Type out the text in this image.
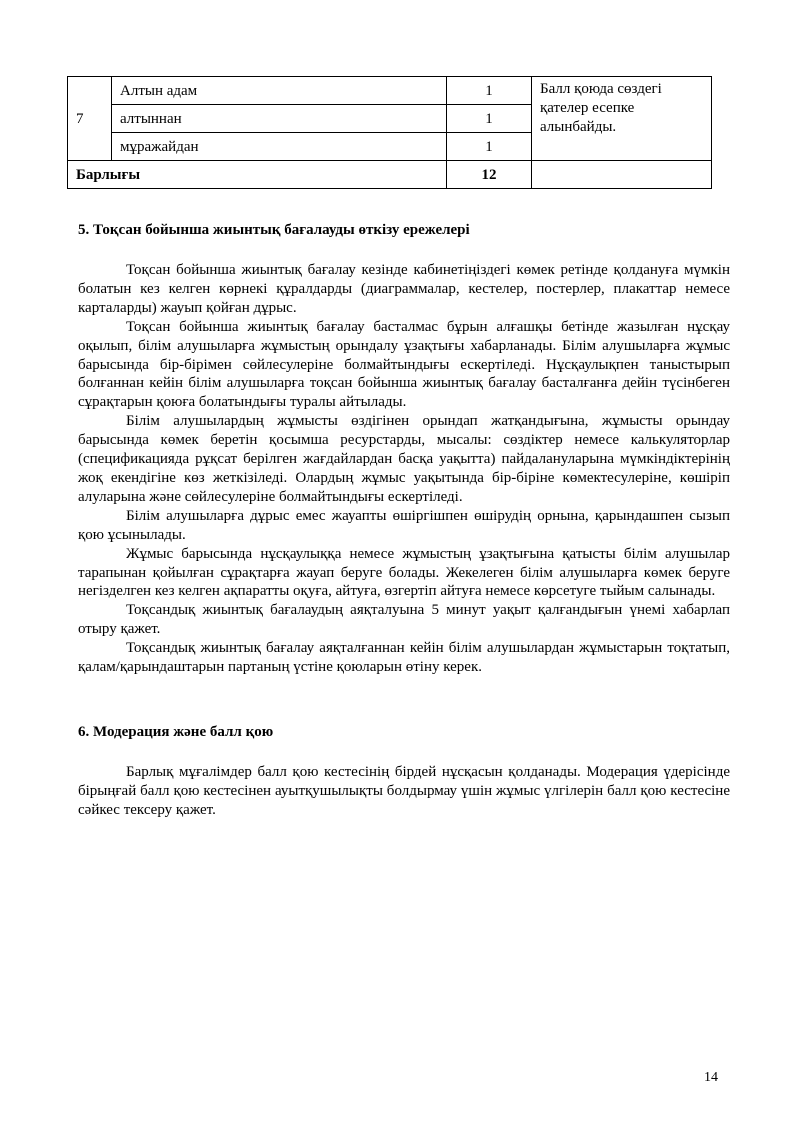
7	Алтын адам	1	Балл қоюда сөздегі қателер есепке алынбайды.
	алтыннан	1	
	мұражайдан	1	
Барлығы		12	
5. Тоқсан бойынша жиынтық бағалауды өткізу ережелері

Тоқсан бойынша жиынтық бағалау кезінде кабинетіңіздегі көмек ретінде қолдануға мүмкін болатын кез келген көрнекі құралдарды (диаграммалар, кестелер, постерлер, плакаттар немесе карталарды) жауып қойған дұрыс.

Тоқсан бойынша жиынтық бағалау басталмас бұрын алғашқы бетінде жазылған нұсқау оқылып, білім алушыларға жұмыстың орындалу ұзақтығы хабарланады. Білім алушыларға жұмыс барысында бір-бірімен сөйлесулеріне болмайтындығы ескертіледі. Нұсқаулықпен таныстырып болғаннан кейін білім алушыларға тоқсан бойынша жиынтық бағалау басталғанға дейін түсінбеген сұрақтарын қоюға болатындығы туралы айтылады.

Білім алушылардың жұмысты өздігінен орындап жатқандығына, жұмысты орындау барысында көмек беретін қосымша ресурстарды, мысалы: сөздіктер немесе калькуляторлар (спецификацияда рұқсат берілген жағдайлардан басқа уақытта) пайдалануларына мүмкіндіктерінің жоқ екендігіне көз жеткізіледі. Олардың жұмыс уақытында бір-біріне көмектесулеріне, көшіріп алуларына және сөйлесулеріне болмайтындығы ескертіледі.

Білім алушыларға дұрыс емес жауапты өшіргішпен өшірудің орнына, қарындашпен сызып қою ұсынылады.

Жұмыс барысында нұсқаулыққа немесе жұмыстың ұзақтығына қатысты білім алушылар тарапынан қойылған сұрақтарға жауап беруге болады. Жекелеген білім алушыларға көмек беруге негізделген кез келген ақпаратты оқуға, айтуға, өзгертіп айтуға немесе көрсетуге тыйым салынады.

Тоқсандық жиынтық бағалаудың аяқталуына 5 минут уақыт қалғандығын үнемі хабарлап отыру қажет.

Тоқсандық жиынтық бағалау аяқталғаннан кейін білім алушылардан жұмыстарын тоқтатып, қалам/қарындаштарын партаның үстіне қоюларын өтіну керек.

6. Модерация және балл қою

Барлық мұғалімдер балл қою кестесінің бірдей нұсқасын қолданады. Модерация үдерісінде бірыңғай балл қою кестесінен ауытқушылықты болдырмау үшін жұмыс үлгілерін балл қою кестесіне сәйкес тексеру қажет.

14
